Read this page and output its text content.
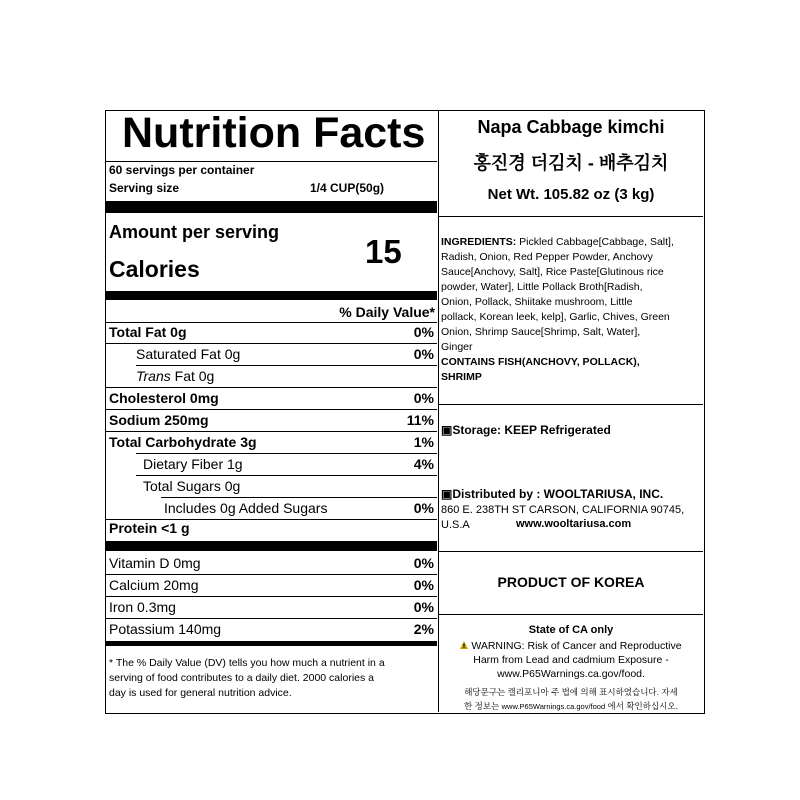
Nutrition Facts
60 servings per container
Serving size	1/4 CUP(50g)
Amount per serving
Calories	15
% Daily Value*
Total Fat 0g	0%
Saturated Fat 0g	0%
Trans Fat 0g
Cholesterol 0mg	0%
Sodium 250mg	11%
Total Carbohydrate 3g	1%
Dietary Fiber 1g	4%
Total Sugars 0g
Includes 0g Added Sugars	0%
Protein <1 g
Vitamin D 0mg	0%
Calcium 20mg	0%
Iron 0.3mg	0%
Potassium 140mg	2%
* The % Daily Value (DV) tells you how much a nutrient in a
serving of food contributes to a daily diet. 2000 calories a
day is used for general nutrition advice.
Napa Cabbage kimchi
홍진경 더김치 - 배추김치
Net Wt. 105.82 oz (3 kg)
INGREDIENTS: Pickled Cabbage[Cabbage, Salt],
Radish, Onion, Red Pepper Powder, Anchovy
Sauce[Anchovy, Salt], Rice Paste[Glutinous rice
powder, Water], Little Pollack Broth[Radish,
Onion, Pollack, Shiitake mushroom, Little
pollack, Korean leek, kelp], Garlic, Chives, Green
Onion, Shrimp Sauce[Shrimp, Salt, Water],
Ginger
CONTAINS FISH(ANCHOVY, POLLACK),
SHRIMP
▣Storage: KEEP Refrigerated
▣Distributed by : WOOLTARIUSA, INC.
860 E. 238TH ST CARSON, CALIFORNIA 90745,
U.S.A	www.wooltariusa.com
PRODUCT OF KOREA
State of CA only
WARNING: Risk of Cancer and Reproductive
Harm from Lead and cadmium Exposure -
www.P65Warnings.ca.gov/food.
해당문구는 캘리포니아 주 법에 의해 표시하였습니다. 자세
한 정보는 www.P65Warnings.ca.gov/food 에서 확인하십시오.
